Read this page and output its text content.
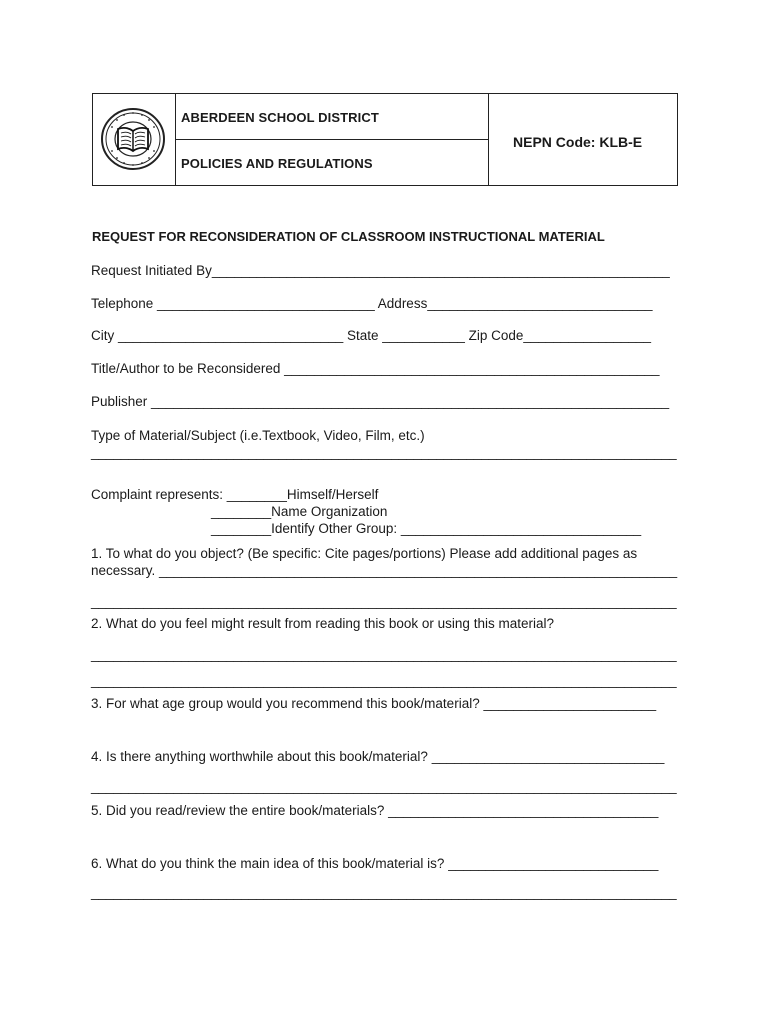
ABERDEEN SCHOOL DISTRICT
POLICIES AND REGULATIONS
NEPN Code: KLB-E
REQUEST FOR RECONSIDERATION OF CLASSROOM INSTRUCTIONAL MATERIAL
Request Initiated By_____________________________________________________________
Telephone _____________________________ Address______________________________
City ______________________________ State ___________ Zip Code_________________
Title/Author to be Reconsidered __________________________________________________
Publisher _____________________________________________________________________
Type of Material/Subject (i.e.Textbook, Video, Film, etc.)
______________________________________________________________________________
Complaint represents: ________Himself/Herself
________Name Organization
________Identify Other Group: ________________________________
1. To what do you object? (Be specific: Cite pages/portions) Please add additional pages as
necessary. _____________________________________________________________________
______________________________________________________________________________
2. What do you feel might result from reading this book or using this material?
______________________________________________________________________________
______________________________________________________________________________
3. For what age group would you recommend this book/material? _______________________
4. Is there anything worthwhile about this book/material? _______________________________
______________________________________________________________________________
5. Did you read/review the entire book/materials? ____________________________________
6. What do you think the main idea of this book/material is? ____________________________
______________________________________________________________________________
